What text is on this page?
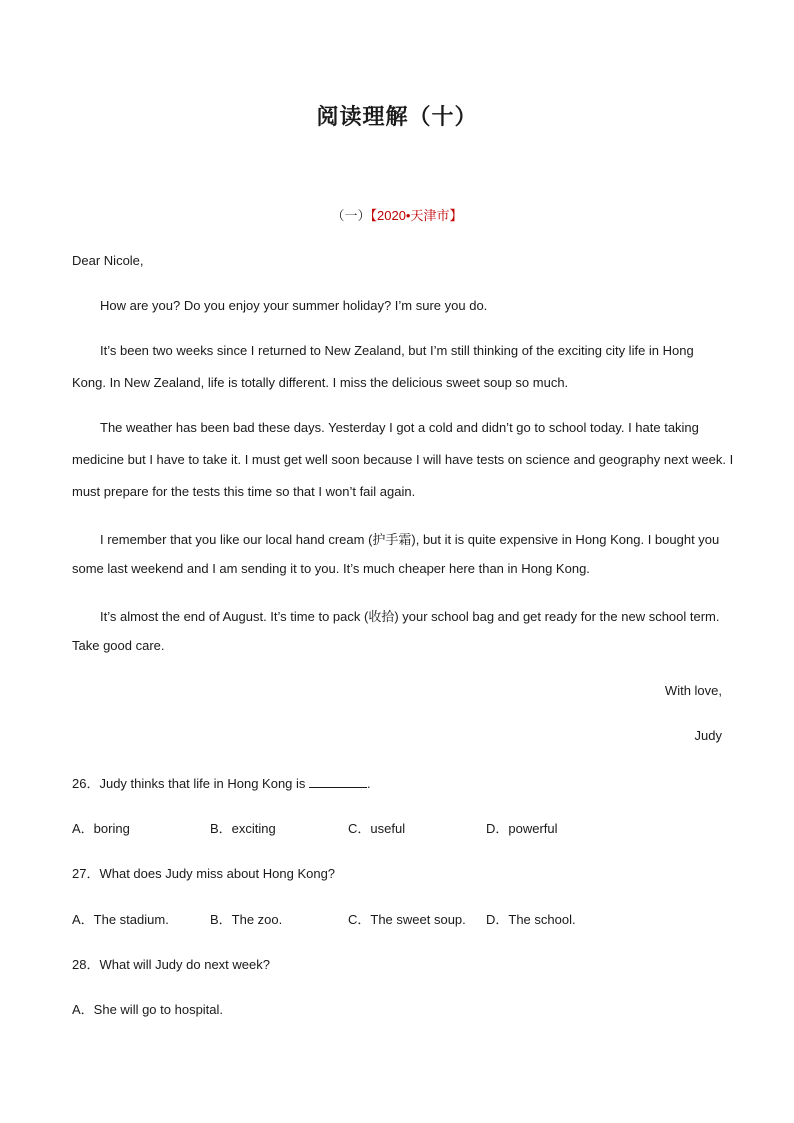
阅读理解（十）
（一）【2020•天津市】
Dear Nicole,
How are you? Do you enjoy your summer holiday? I’m sure you do.
It’s been two weeks since I returned to New Zealand, but I’m still thinking of the exciting city life in Hong
Kong. In New Zealand, life is totally different. I miss the delicious sweet soup so much.
The weather has been bad these days. Yesterday I got a cold and didn’t go to school today. I hate taking
medicine but I have to take it. I must get well soon because I will have tests on science and geography next week. I
must prepare for the tests this time so that I won’t fail again.
I remember that you like our local hand cream (护手霜), but it is quite expensive in Hong Kong. I bought you
some last weekend and I am sending it to you. It’s much cheaper here than in Hong Kong.
It’s almost the end of August. It’s time to pack (收拾) your school bag and get ready for the new school term.
Take good care.
With love,
Judy
26．Judy thinks that life in Hong Kong is	.
A．boring	B．exciting	C．useful	D．powerful
27．What does Judy miss about Hong Kong?
A．The stadium.	B．The zoo.	C．The sweet soup. D．The school.
28．What will Judy do next week?
A．She will go to hospital.
